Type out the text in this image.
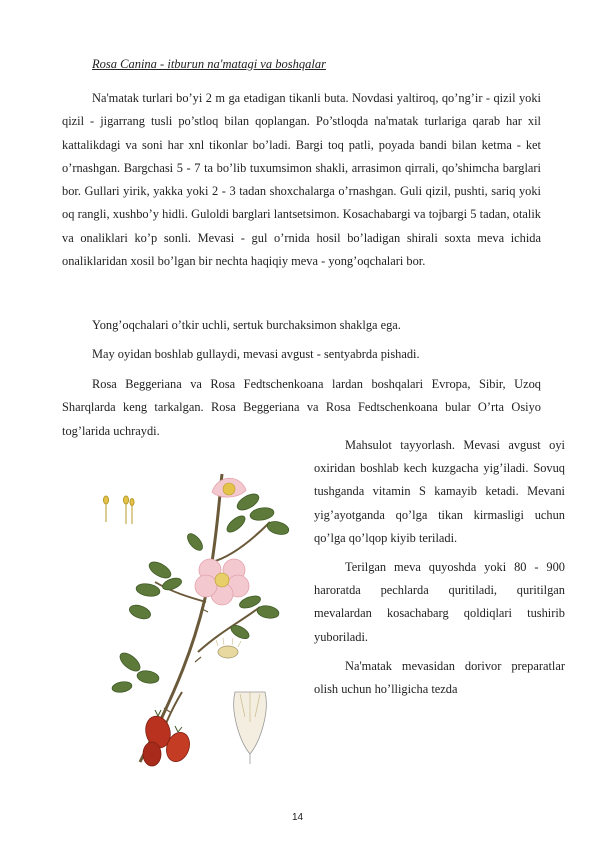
Rosa Canina - itburun na'matagi va boshqalar

Na'matak turlari bo’yi 2 m ga etadigan tikanli buta. Novdasi yaltiroq, qo’ng’ir - qizil yoki qizil - jigarrang tusli po’stloq bilan qoplangan. Po’stloqda na'matak turlariga qarab har xil kattalikdagi va soni har xnl tikonlar bo’ladi. Bargi toq patli, poyada bandi bilan ketma - ket o’rnashgan. Bargchasi 5 - 7 ta bo’lib tuxumsimon shakli, arrasimon qirrali, qo’shimcha barglari bor. Gullari yirik, yakka yoki 2 - 3 tadan shoxchalarga o’rnashgan. Guli qizil, pushti, sariq yoki oq rangli, xushbo’y hidli. Guloldi barglari lantsetsimon. Kosachabargi va tojbargi 5 tadan, otalik va onaliklari ko’p sonli. Mevasi - gul o’rnida hosil bo’ladigan shirali soxta meva ichida onaliklaridan xosil bo’lgan bir nechta haqiqiy meva - yong’oqchalari bor.

Yong’oqchalari o’tkir uchli, sertuk burchaksimon shaklga ega.

May oyidan boshlab gullaydi, mevasi avgust - sentyabrda pishadi.

Rosa Beggeriana va Rosa Fedtschenkoana lardan boshqalari Evropa, Sibir, Uzoq Sharqlarda keng tarkalgan. Rosa Beggeriana va Rosa Fedtschenkoana bular O’rta Osiyo tog’larida uchraydi.

Mahsulot tayyorlash. Mevasi avgust oyi oxiridan boshlab kech kuzgacha yig’iladi. Sovuq tushganda vitamin S kamayib ketadi. Mevani yig’ayotganda qo’lga tikan kirmasligi uchun qo’lga qo’lqop kiyib teriladi.

Terilgan meva quyoshda yoki 80 - 900 haroratda pechlarda quritiladi, quritilgan mevalardan kosachabarg qoldiqlari tushirib yuboriladi.

Na'matak mevasidan dorivor preparatlar olish uchun ho’lligicha tezda

14
